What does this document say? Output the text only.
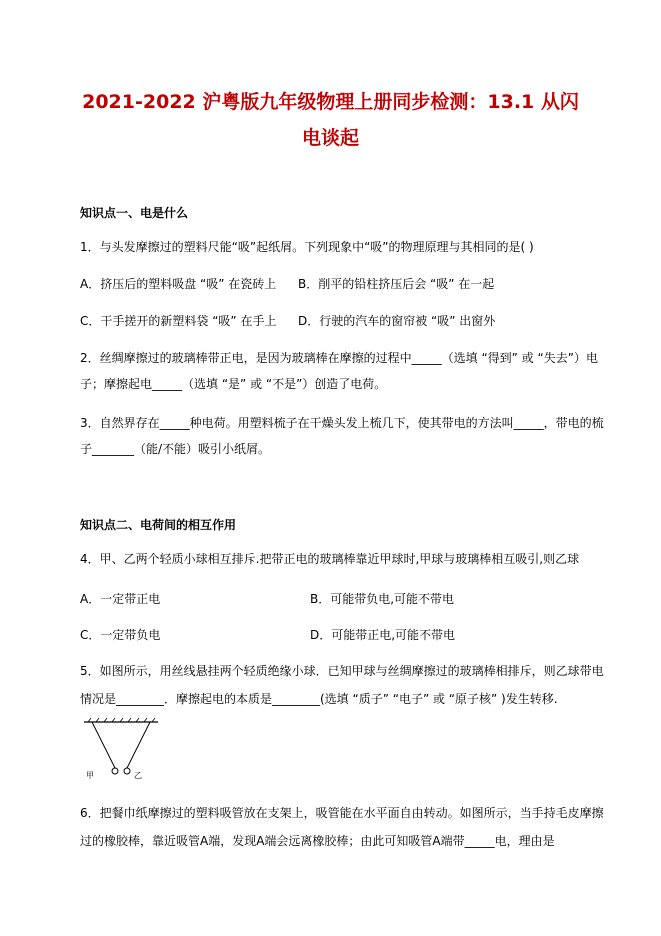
2021-2022 沪粤版九年级物理上册同步检测：13.1 从闪
电谈起

知识点一、电是什么

1．与头发摩擦过的塑料尺能“吸”起纸屑。下列现象中“吸”的物理原理与其相同的是( )

A．挤压后的塑料吸盘 “吸” 在瓷砖上 B．削平的铅柱挤压后会 “吸” 在一起

C．干手搓开的新塑料袋 “吸” 在手上 D．行驶的汽车的窗帘被 “吸” 出窗外

2．丝绸摩擦过的玻璃棒带正电，是因为玻璃棒在摩擦的过程中_____（选填 “得到” 或 “失去”）电

子；摩擦起电_____（选填 “是” 或 “不是”）创造了电荷。

3．自然界存在_____种电荷。用塑料梳子在干燥头发上梳几下，使其带电的方法叫_____，带电的梳

子_______（能/不能）吸引小纸屑。

知识点二、电荷间的相互作用

4．甲、乙两个轻质小球相互排斥.把带正电的玻璃棒靠近甲球时,甲球与玻璃棒相互吸引,则乙球

A．一定带正电	B．可能带负电,可能不带电

C．一定带负电	D．可能带正电,可能不带电

5．如图所示，用丝线悬挂两个轻质绝缘小球．已知甲球与丝绸摩擦过的玻璃棒相排斥，则乙球带电

情况是________．摩擦起电的本质是________(选填 “质子” “电子” 或 “原子核” )发生转移.

甲	乙

6．把餐巾纸摩擦过的塑料吸管放在支架上，吸管能在水平面自由转动。如图所示，当手持毛皮摩擦

过的橡胶棒，靠近吸管A端，发现A端会远离橡胶棒；由此可知吸管A端带_____电，理由是
